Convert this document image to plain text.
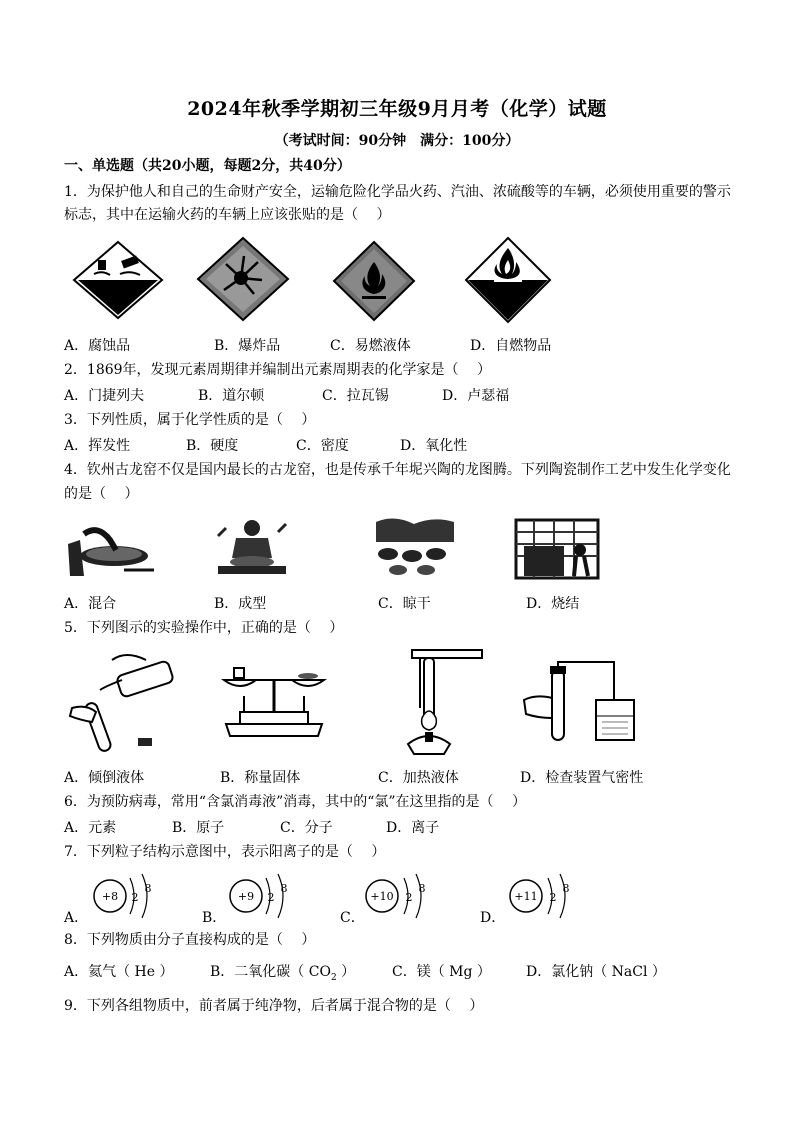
2024年秋季学期初三年级9月月考（化学）试题
（考试时间：90分钟　满分：100分）
一、单选题（共20小题，每题2分，共40分）
1．为保护他人和自己的生命财产安全，运输危险化学品火药、汽油、浓硫酸等的车辆，必须使用重要的警示
标志，其中在运输火药的车辆上应该张贴的是（　 ）
A．腐蚀品	B．爆炸品	C．易燃液体	D．自燃物品
2．1869年，发现元素周期律并编制出元素周期表的化学家是（　 ）
A．门捷列夫	B．道尔顿	C．拉瓦锡	D．卢瑟福
3．下列性质，属于化学性质的是（　 ）
A．挥发性	B．硬度	C．密度	D．氧化性
4．钦州古龙窑不仅是国内最长的古龙窑，也是传承千年坭兴陶的龙图腾。下列陶瓷制作工艺中发生化学变化
的是（　 ）
A．混合	B．成型	C．晾干	D．烧结
5．下列图示的实验操作中，正确的是（　 ）
A．倾倒液体	B．称量固体	C．加热液体	D．检查装置气密性
6．为预防病毒，常用“含氯消毒液”消毒，其中的“氯”在这里指的是（　 ）
A．元素	B．原子	C．分子	D．离子
7．下列粒子结构示意图中，表示阳离子的是（　 ）
A．	B．	C．	D．
+8 2
8
+9 2
8
+10 2
8
+11 2
8
8．下列物质由分子直接构成的是（　 ）
A．氦气（ He ）	B．二氧化碳（ $CO_2$ ）	C．镁（ Mg ）	D．氯化钠（ NaCl ）
9．下列各组物质中，前者属于纯净物，后者属于混合物的是（　 ）
